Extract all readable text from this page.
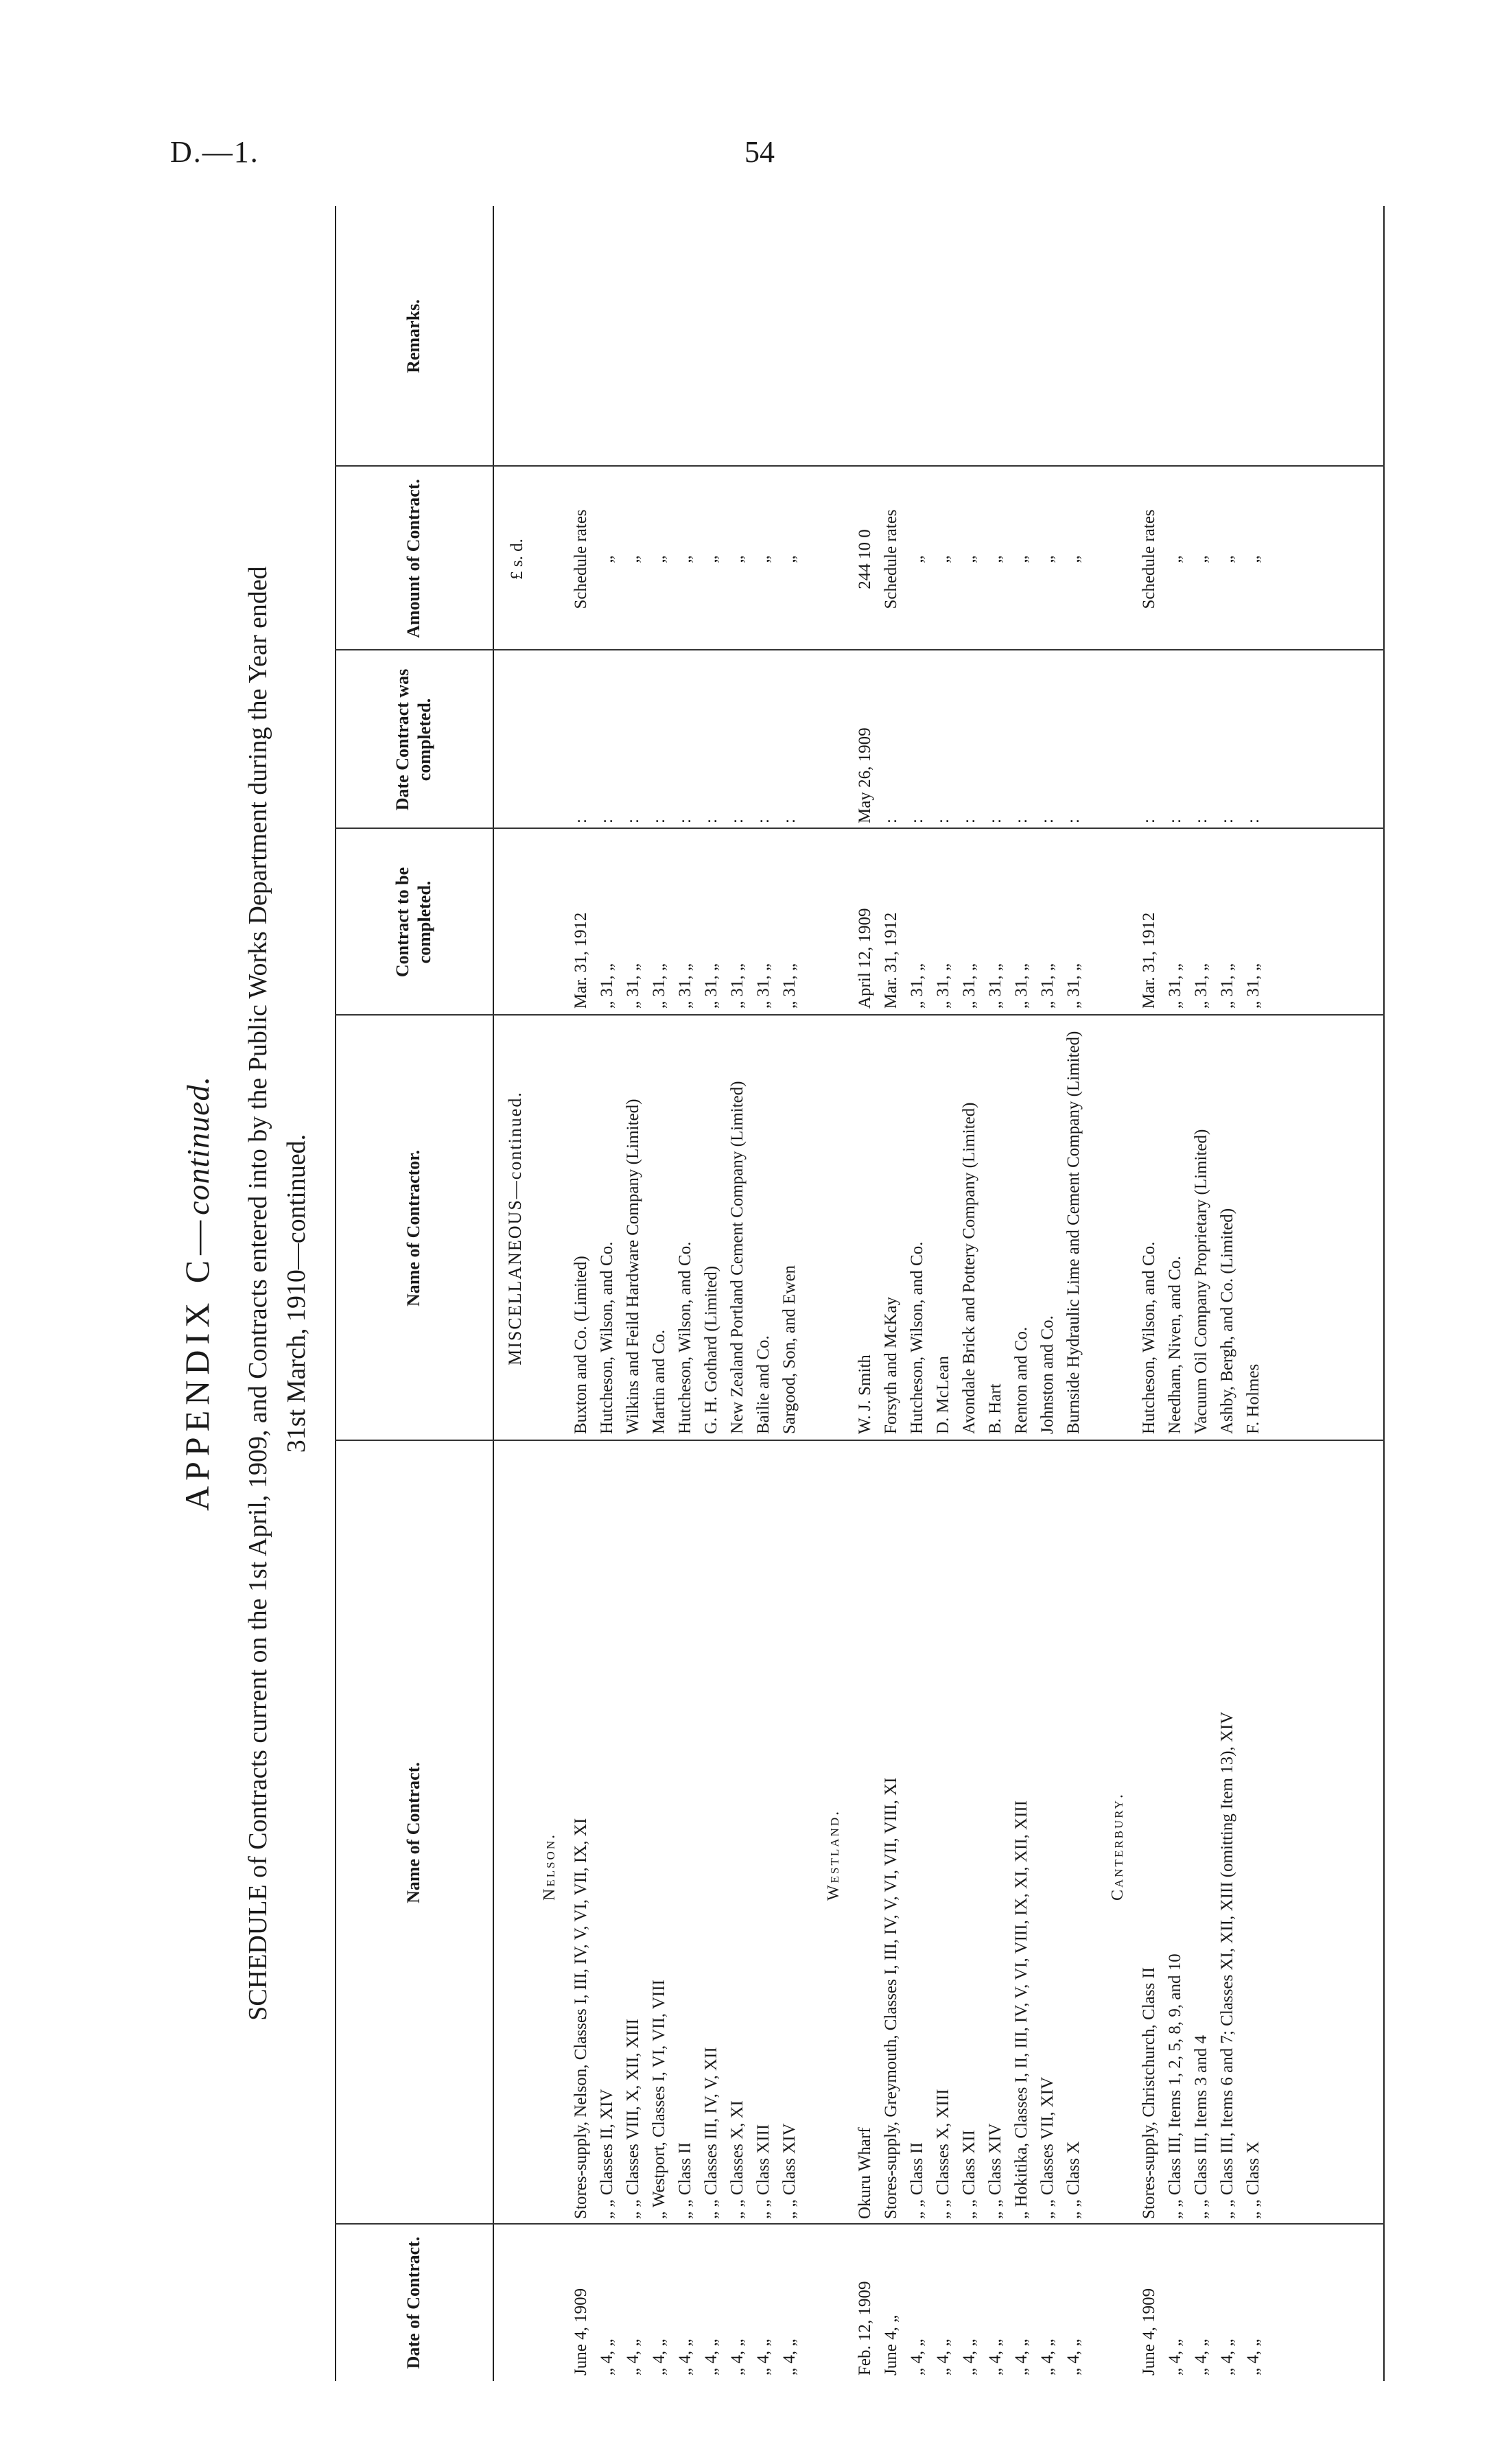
D.—1.	54
APPENDIX C—continued. SCHEDULE of Contracts current on the 1st April, 1909, and Contracts entered into by the Public Works Department during the Year ended 31st March, 1910—continued.
Date of Contract.
Name of Contract.
Name of Contractor.
Contract to be completed.
Date Contract was completed.
Amount of Contract.
Remarks.
MISCELLANEOUS—continued.
£ s. d.
Nelson.
June 4, 1909
Stores-supply, Nelson, Classes I, III, IV, V, VI, VII, IX, XI
Buxton and Co. (Limited)
Mar. 31, 1912
:
Schedule rates
„ 4, „
„ „ Classes II, XIV
Hutcheson, Wilson, and Co.
„ 31, „
:
„
„ 4, „
„ „ Classes VIII, X, XII, XIII
Wilkins and Feild Hardware Company (Limited)
„ 31, „
:
„
„ 4, „
„ Westport, Classes I, VI, VII, VIII
Martin and Co.
„ 31, „
:
„
„ 4, „
„ „ Class II
Hutcheson, Wilson, and Co.
„ 31, „
:
„
„ 4, „
„ „ Classes III, IV, V, XII
G. H. Gothard (Limited)
„ 31, „
:
„
„ 4, „
„ „ Classes X, XI
New Zealand Portland Cement Company (Limited)
„ 31, „
:
„
„ 4, „
„ „ Class XIII
Bailie and Co.
„ 31, „
:
„
„ 4, „
„ „ Class XIV
Sargood, Son, and Ewen
„ 31, „
:
„
Westland.
Feb. 12, 1909
Okuru Wharf
W. J. Smith
April 12, 1909
May 26, 1909
244 10 0
June 4, „
Stores-supply, Greymouth, Classes I, III, IV, V, VI, VII, VIII, XI
Forsyth and McKay
Mar. 31, 1912
:
Schedule rates
„ 4, „
„ „ Class II
Hutcheson, Wilson, and Co.
„ 31, „
:
„
„ 4, „
„ „ Classes X, XIII
D. McLean
„ 31, „
:
„
„ 4, „
„ „ Class XII
Avondale Brick and Pottery Company (Limited)
„ 31, „
:
„
„ 4, „
„ „ Class XIV
B. Hart
„ 31, „
:
„
„ 4, „
„ Hokitika, Classes I, II, III, IV, V, VI, VIII, IX, XI, XII, XIII
Renton and Co.
„ 31, „
:
„
„ 4, „
„ „ Classes VII, XIV
Johnston and Co.
„ 31, „
:
„
„ 4, „
„ „ Class X
Burnside Hydraulic Lime and Cement Company (Limited)
„ 31, „
:
„
Canterbury.
June 4, 1909
Stores-supply, Christchurch, Class II
Hutcheson, Wilson, and Co.
Mar. 31, 1912
:
Schedule rates
„ 4, „
„ „ Class III, Items 1, 2, 5, 8, 9, and 10
Needham, Niven, and Co.
„ 31, „
:
„
„ 4, „
„ „ Class III, Items 3 and 4
Vacuum Oil Company Proprietary (Limited)
„ 31, „
:
„
„ 4, „
„ „ Class III, Items 6 and 7; Classes XI, XII, XIII (omitting Item 13), XIV
Ashby, Bergh, and Co. (Limited)
„ 31, „
:
„
„ 4, „
„ „ Class X
F. Holmes
„ 31, „
:
„
